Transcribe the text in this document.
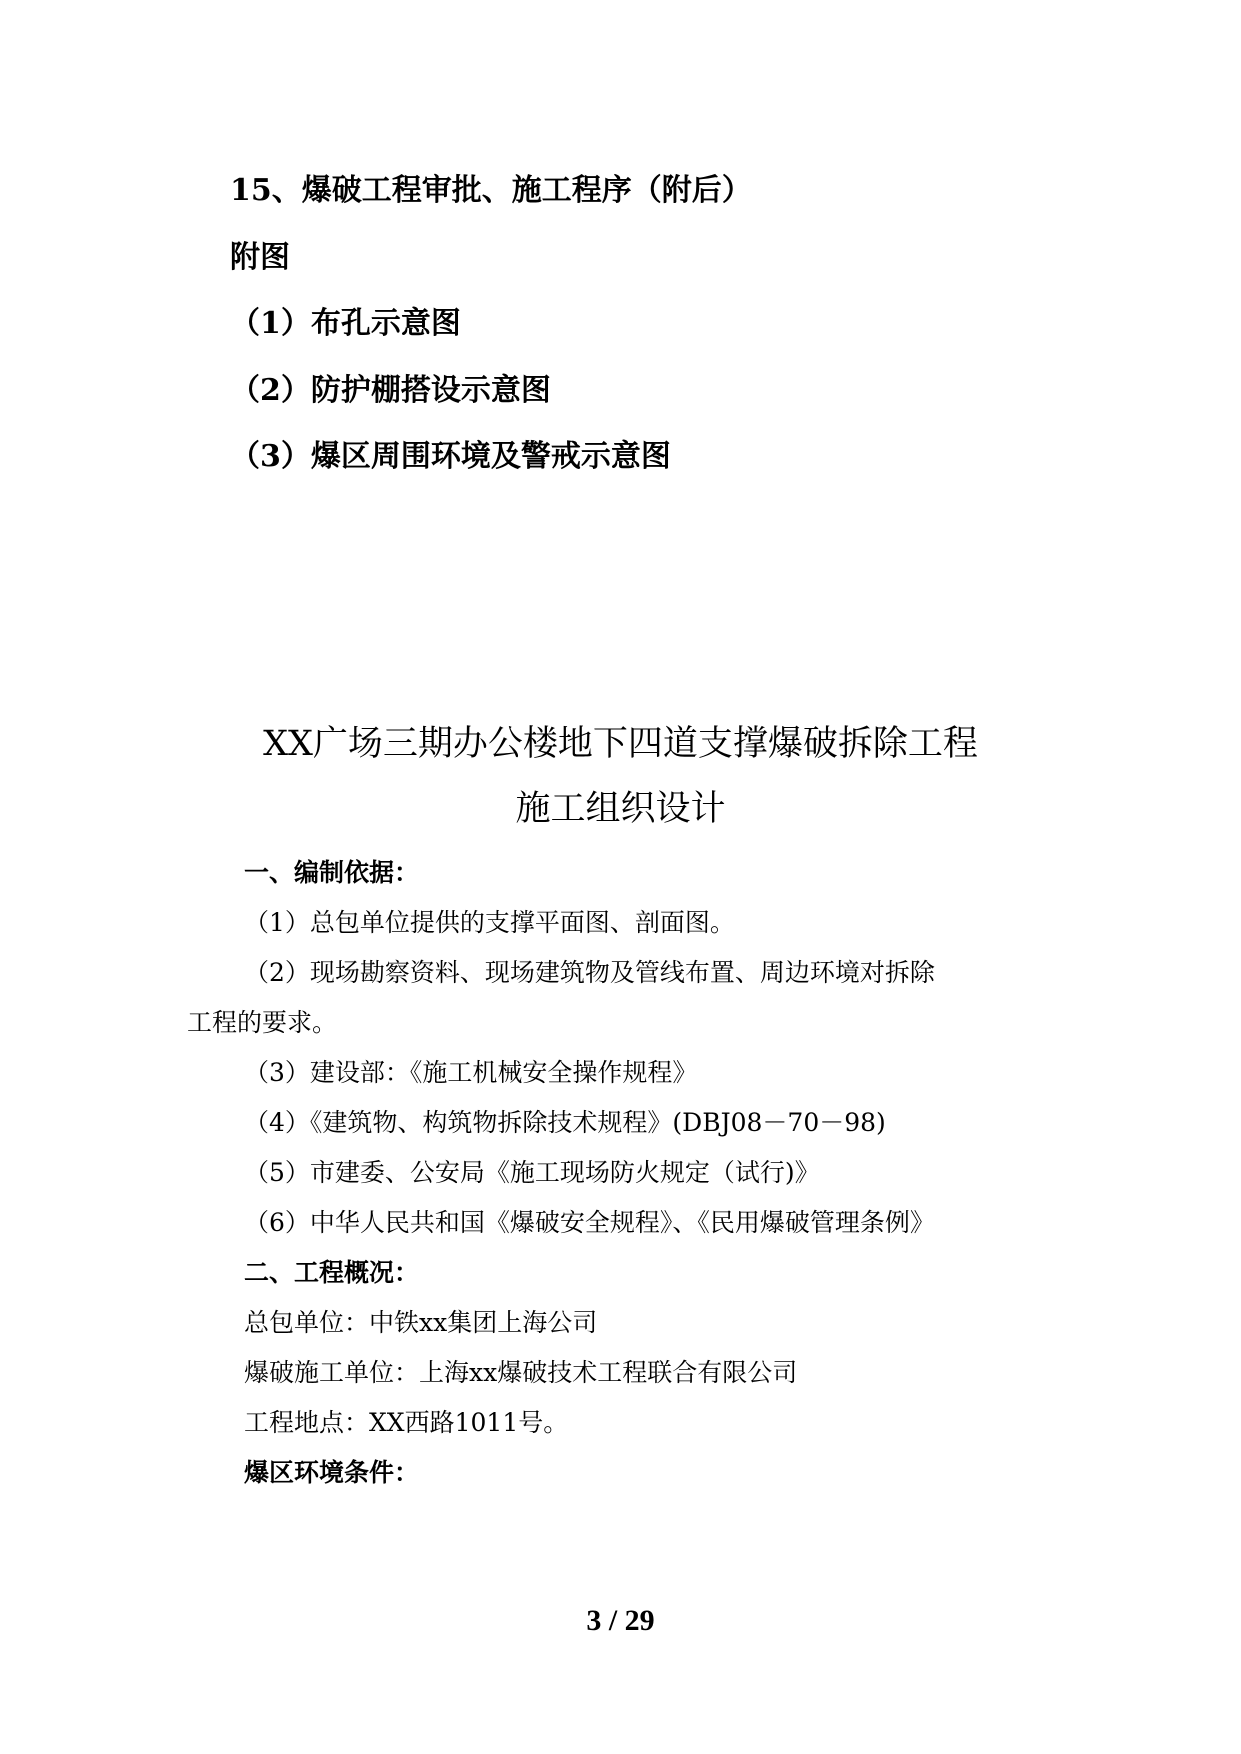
15、爆破工程审批、施工程序（附后）
附图
（1）布孔示意图
（2）防护棚搭设示意图
（3）爆区周围环境及警戒示意图
XX广场三期办公楼地下四道支撑爆破拆除工程
施工组织设计
一、编制依据：
（1）总包单位提供的支撑平面图、剖面图。
（2）现场勘察资料、现场建筑物及管线布置、周边环境对拆除
工程的要求。
（3）建设部：《施工机械安全操作规程》
（4）《建筑物、构筑物拆除技术规程》(DBJ08－70－98)
（5）市建委、公安局《施工现场防火规定（试行)》
（6）中华人民共和国《爆破安全规程》、《民用爆破管理条例》
二、工程概况：
总包单位：中铁xx集团上海公司
爆破施工单位：上海xx爆破技术工程联合有限公司
工程地点：XX西路1011号。
爆区环境条件：
3 / 29
